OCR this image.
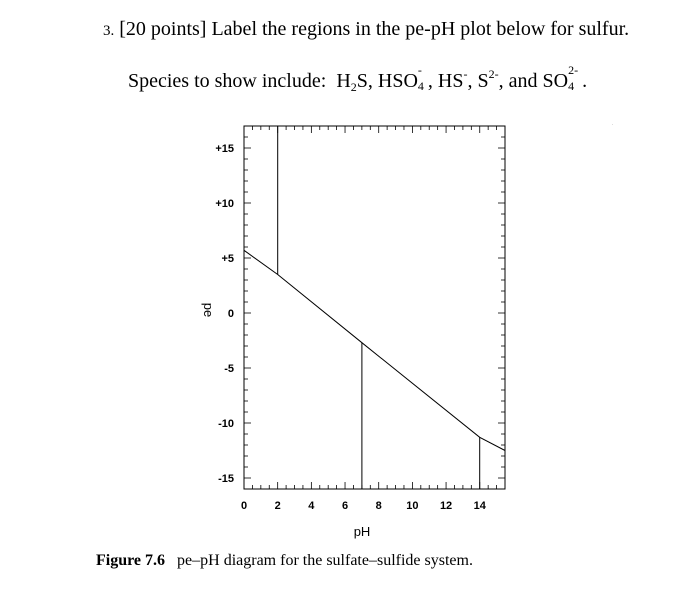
3. [20 points] Label the regions in the pe-pH plot below for sulfur.
Species to show include: $H_2S$, HSO -
4 , HS-, $S^{2-}$, and SO 2-
4 .
0	2	4	6	8 10 12 14
+15
+10
+5
0
-5
-10
-15
pe
pH
Figure 7.6 pe–pH diagram for the sulfate–sulfide system.
